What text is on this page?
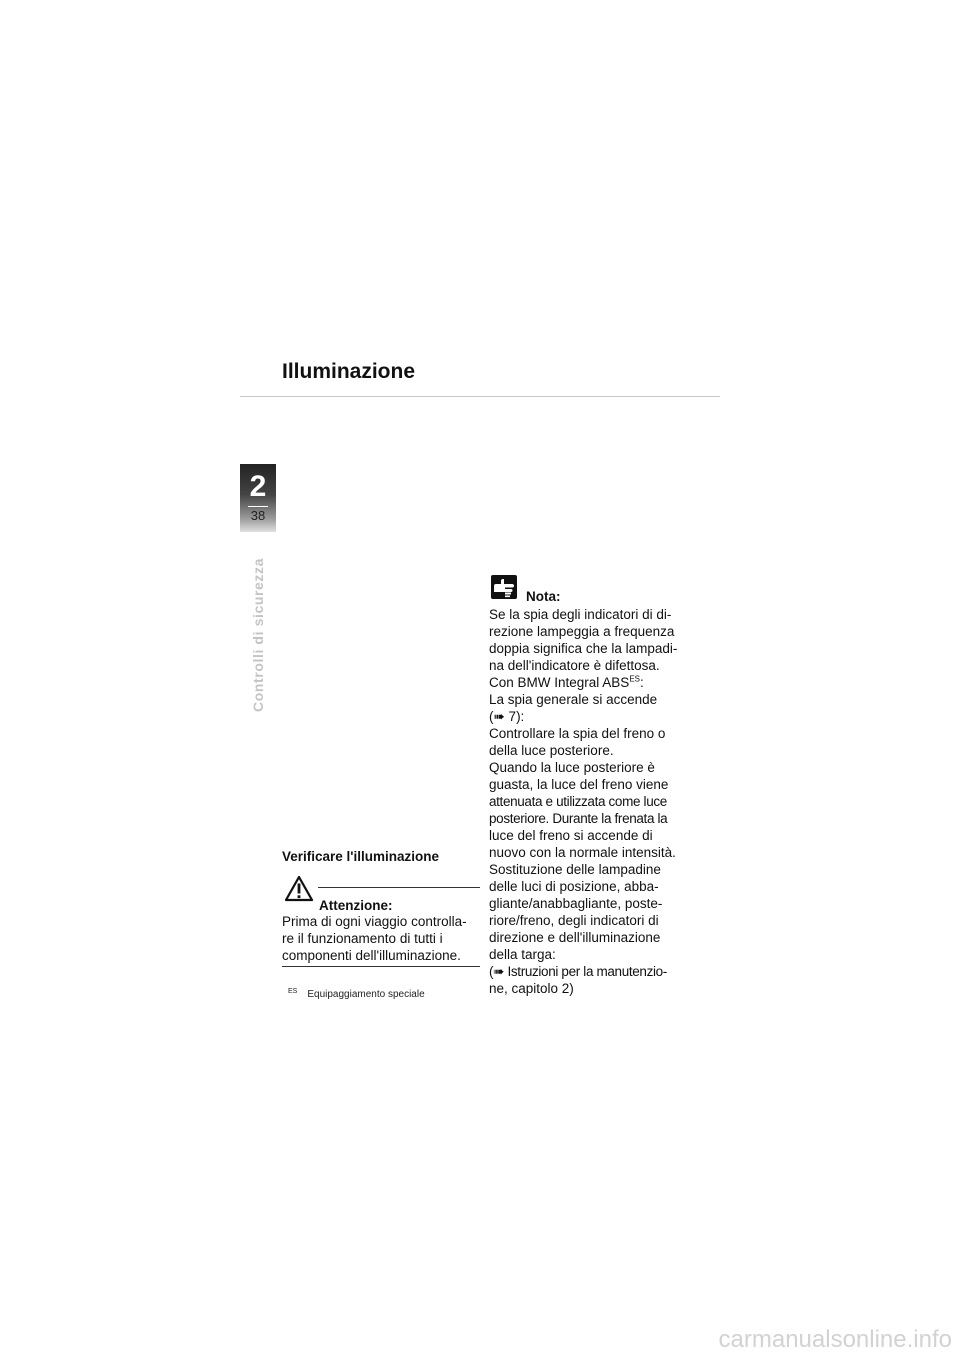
Illuminazione
2
38
Controlli di sicurezza
Verificare l'illuminazione
Attenzione:
Prima di ogni viaggio controlla-
re il funzionamento di tutti i
componenti dell'illuminazione.
$^{ES}$ Equipaggiamento speciale
Nota:
Se la spia degli indicatori di di-
rezione lampeggia a frequenza
doppia significa che la lampadi-
na dell'indicatore è difettosa.
Con BMW Integral $ABS^{ES}$:
La spia generale si accende
(➠ 7):
Controllare la spia del freno o
della luce posteriore.
Quando la luce posteriore è
guasta, la luce del freno viene
attenuata e utilizzata come luce
posteriore. Durante la frenata la
luce del freno si accende di
nuovo con la normale intensità.
Sostituzione delle lampadine
delle luci di posizione, abba-
gliante/anabbagliante, poste-
riore/freno, degli indicatori di
direzione e dell'illuminazione
della targa:
(➠ Istruzioni per la manutenzio-
ne, capitolo 2)
carmanualsonline.info
